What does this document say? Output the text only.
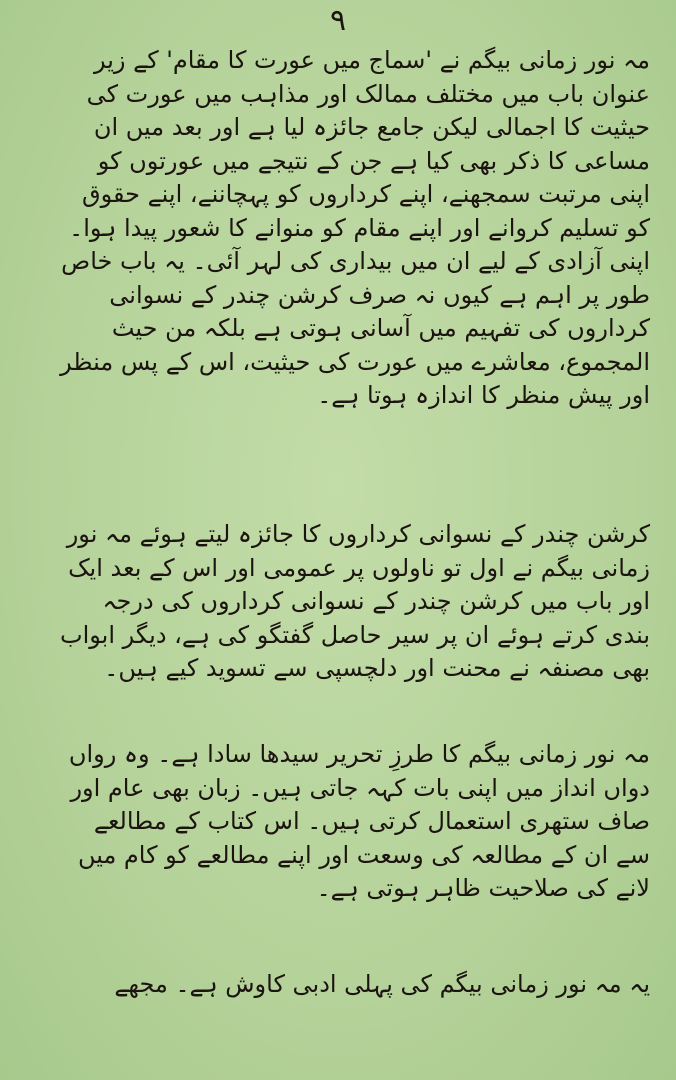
۹

مہ نور زمانی بیگم نے 'سماج میں عورت کا مقام' کے زیر عنوان باب میں مختلف ممالک اور مذاہب میں عورت کی حیثیت کا اجمالی لیکن جامع جائزہ لیا ہے اور بعد میں ان مساعی کا ذکر بھی کیا ہے جن کے نتیجے میں عورتوں کو اپنی مرتبت سمجھنے، اپنے کرداروں کو پہچاننے، اپنے حقوق کو تسلیم کروانے اور اپنے مقام کو منوانے کا شعور پیدا ہوا۔ اپنی آزادی کے لیے ان میں بیداری کی لہر آئی۔ یہ باب خاص طور پر اہم ہے کیوں نہ صرف کرشن چندر کے نسوانی کرداروں کی تفہیم میں آسانی ہوتی ہے بلکہ من حیث المجموع، معاشرے میں عورت کی حیثیت، اس کے پس منظر اور پیش منظر کا اندازہ ہوتا ہے۔

کرشن چندر کے نسوانی کرداروں کا جائزہ لیتے ہوئے مہ نور زمانی بیگم نے اول تو ناولوں پر عمومی اور اس کے بعد ایک اور باب میں کرشن چندر کے نسوانی کرداروں کی درجہ بندی کرتے ہوئے ان پر سیر حاصل گفتگو کی ہے، دیگر ابواب بھی مصنفہ نے محنت اور دلچسپی سے تسوید کیے ہیں۔

مہ نور زمانی بیگم کا طرزِ تحریر سیدھا سادا ہے۔ وہ رواں دواں انداز میں اپنی بات کہہ جاتی ہیں۔ زبان بھی عام اور صاف ستھری استعمال کرتی ہیں۔ اس کتاب کے مطالعے سے ان کے مطالعہ کی وسعت اور اپنے مطالعے کو کام میں لانے کی صلاحیت ظاہر ہوتی ہے۔

یہ مہ نور زمانی بیگم کی پہلی ادبی کاوش ہے۔ مجھے
